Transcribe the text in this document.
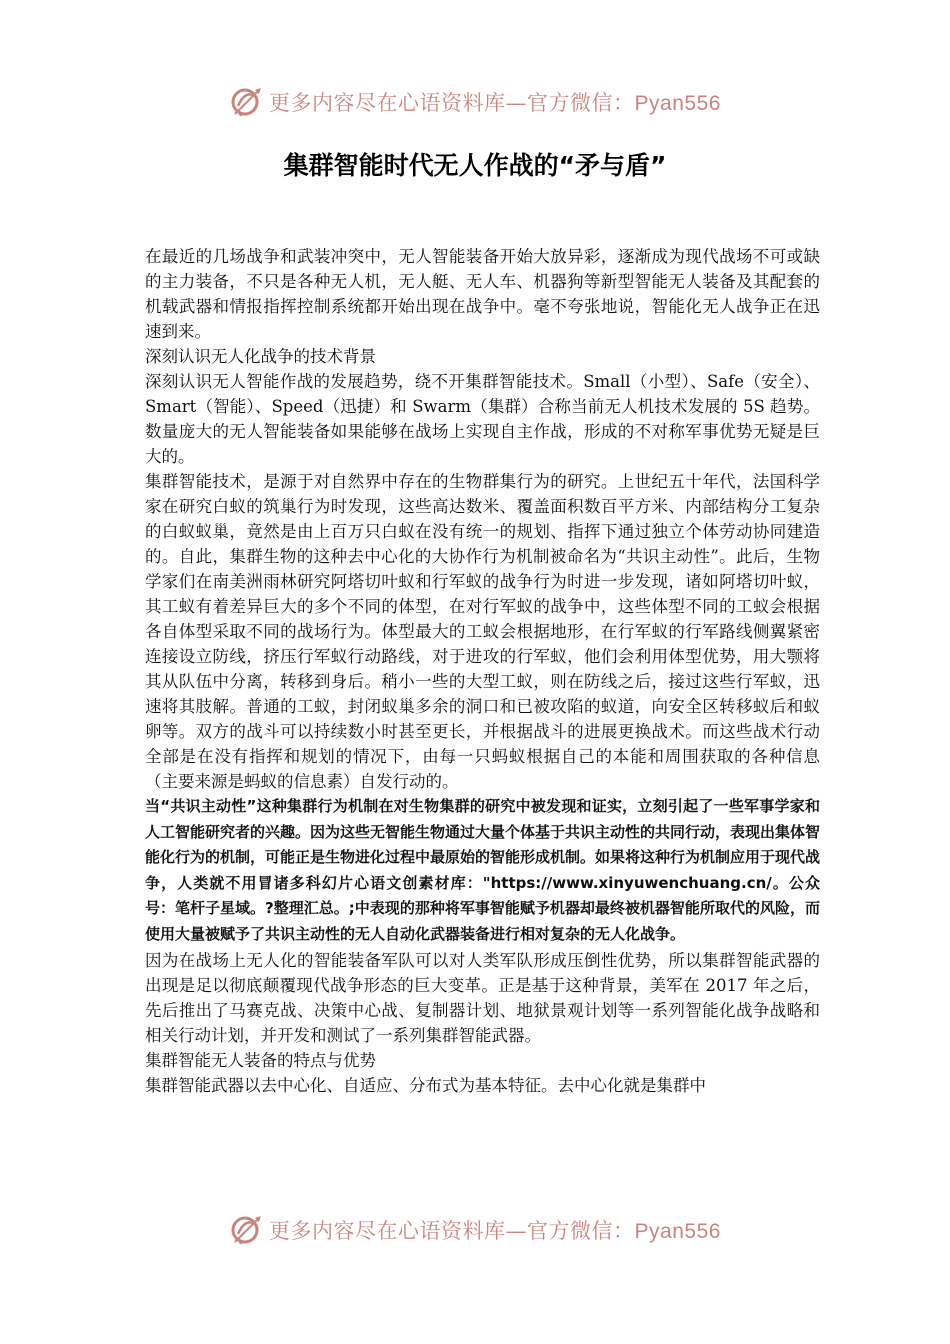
更多内容尽在心语资料库—官方微信：Pyan556
集群智能时代无人作战的“矛与盾”

在最近的几场战争和武装冲突中，无人智能装备开始大放异彩，逐渐成为现代战场不可或缺的主力装备，不只是各种无人机，无人艇、无人车、机器狗等新型智能无人装备及其配套的机载武器和情报指挥控制系统都开始出现在战争中。毫不夸张地说，智能化无人战争正在迅速到来。

深刻认识无人化战争的技术背景

深刻认识无人智能作战的发展趋势，绕不开集群智能技术。Small（小型）、Safe（安全）、Smart（智能）、Speed（迅捷）和 Swarm（集群）合称当前无人机技术发展的 5S 趋势。数量庞大的无人智能装备如果能够在战场上实现自主作战，形成的不对称军事优势无疑是巨大的。

集群智能技术，是源于对自然界中存在的生物群集行为的研究。上世纪五十年代，法国科学家在研究白蚁的筑巢行为时发现，这些高达数米、覆盖面积数百平方米、内部结构分工复杂的白蚁蚁巢，竟然是由上百万只白蚁在没有统一的规划、指挥下通过独立个体劳动协同建造的。自此，集群生物的这种去中心化的大协作行为机制被命名为“共识主动性”。此后，生物学家们在南美洲雨林研究阿塔切叶蚁和行军蚁的战争行为时进一步发现，诸如阿塔切叶蚁，其工蚁有着差异巨大的多个不同的体型，在对行军蚁的战争中，这些体型不同的工蚁会根据各自体型采取不同的战场行为。体型最大的工蚁会根据地形，在行军蚁的行军路线侧翼紧密连接设立防线，挤压行军蚁行动路线，对于进攻的行军蚁，他们会利用体型优势，用大颚将其从队伍中分离，转移到身后。稍小一些的大型工蚁，则在防线之后，接过这些行军蚁，迅速将其肢解。普通的工蚁，封闭蚁巢多余的洞口和已被攻陷的蚁道，向安全区转移蚁后和蚁卵等。双方的战斗可以持续数小时甚至更长，并根据战斗的进展更换战术。而这些战术行动全部是在没有指挥和规划的情况下，由每一只蚂蚁根据自己的本能和周围获取的各种信息（主要来源是蚂蚁的信息素）自发行动的。

当“共识主动性”这种集群行为机制在对生物集群的研究中被发现和证实，立刻引起了一些军事学家和人工智能研究者的兴趣。因为这些无智能生物通过大量个体基于共识主动性的共同行动，表现出集体智能化行为的机制，可能正是生物进化过程中最原始的智能形成机制。如果将这种行为机制应用于现代战争，人类就不用冒诸多科幻片心语文创素材库："https://www.xinyuwenchuang.cn/。公众号：笔杆子星域。?整理汇总。;中表现的那种将军事智能赋予机器却最终被机器智能所取代的风险，而使用大量被赋予了共识主动性的无人自动化武器装备进行相对复杂的无人化战争。

因为在战场上无人化的智能装备军队可以对人类军队形成压倒性优势，所以集群智能武器的出现是足以彻底颠覆现代战争形态的巨大变革。正是基于这种背景，美军在 2017 年之后，先后推出了马赛克战、决策中心战、复制器计划、地狱景观计划等一系列智能化战争战略和相关行动计划，并开发和测试了一系列集群智能武器。

集群智能无人装备的特点与优势

集群智能武器以去中心化、自适应、分布式为基本特征。去中心化就是集群中

更多内容尽在心语资料库—官方微信：Pyan556
